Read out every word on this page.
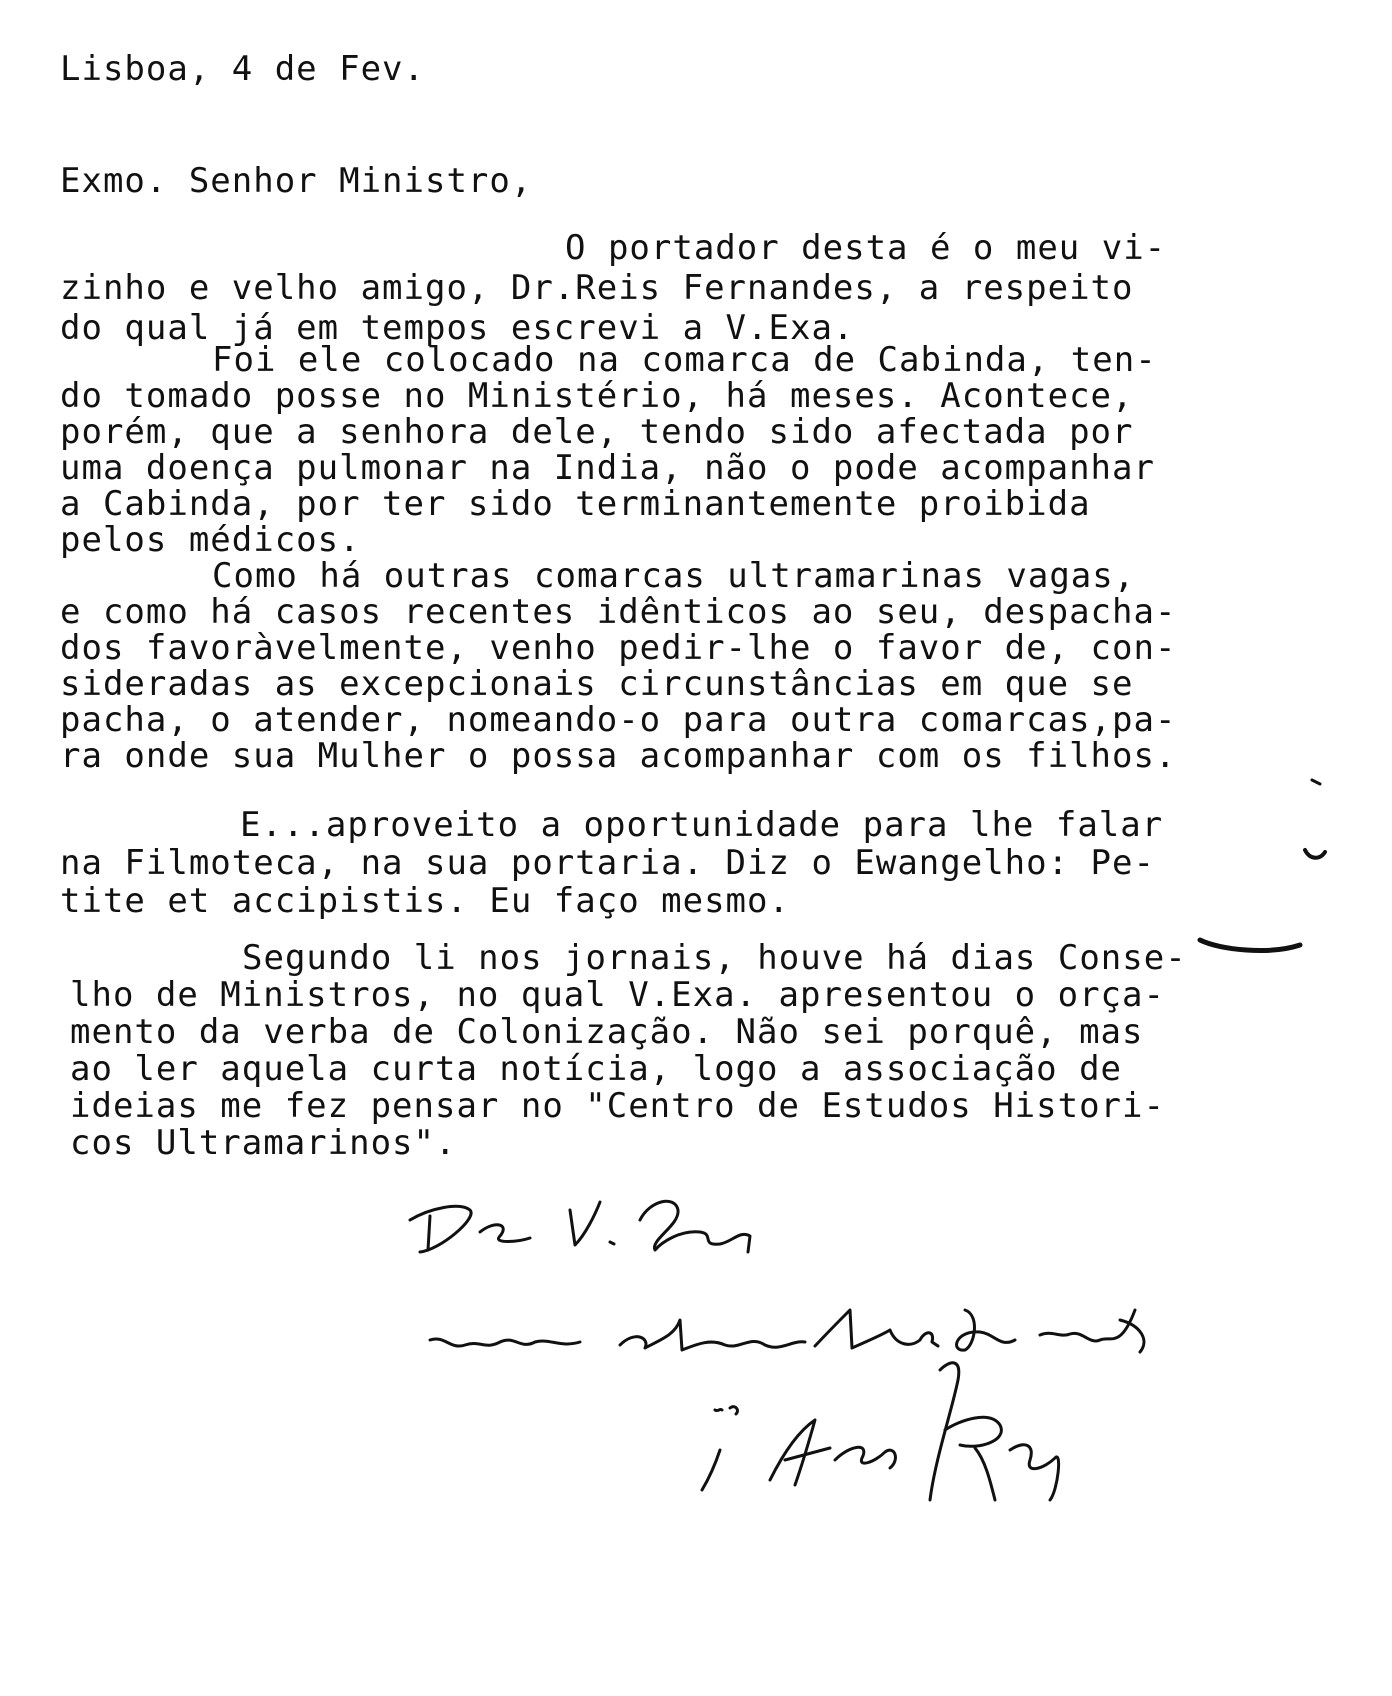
Lisboa, 4 de Fev.
Exmo. Senhor Ministro,
O portador desta é o meu vi-
zinho e velho amigo, Dr.Reis Fernandes, a respeito
do qual já em tempos escrevi a V.Exa.
Foi ele colocado na comarca de Cabinda, ten-
do tomado posse no Ministério, há meses. Acontece,
porém, que a senhora dele, tendo sido afectada por
uma doença pulmonar na India, não o pode acompanhar
a Cabinda, por ter sido terminantemente proibida
pelos médicos.
Como há outras comarcas ultramarinas vagas,
e como há casos recentes idênticos ao seu, despacha-
dos favoràvelmente, venho pedir-lhe o favor de, con-
sideradas as excepcionais circunstâncias em que se
pacha, o atender, nomeando-o para outra comarcas,pa-
ra onde sua Mulher o possa acompanhar com os filhos.
E...aproveito a oportunidade para lhe falar
na Filmoteca, na sua portaria. Diz o Ewangelho: Pe-
tite et accipistis. Eu faço mesmo.
Segundo li nos jornais, houve há dias Conse-
lho de Ministros, no qual V.Exa. apresentou o orça-
mento da verba de Colonização. Não sei porquê, mas
ao ler aquela curta notícia, logo a associação de
ideias me fez pensar no "Centro de Estudos Histori-
cos Ultramarinos".
